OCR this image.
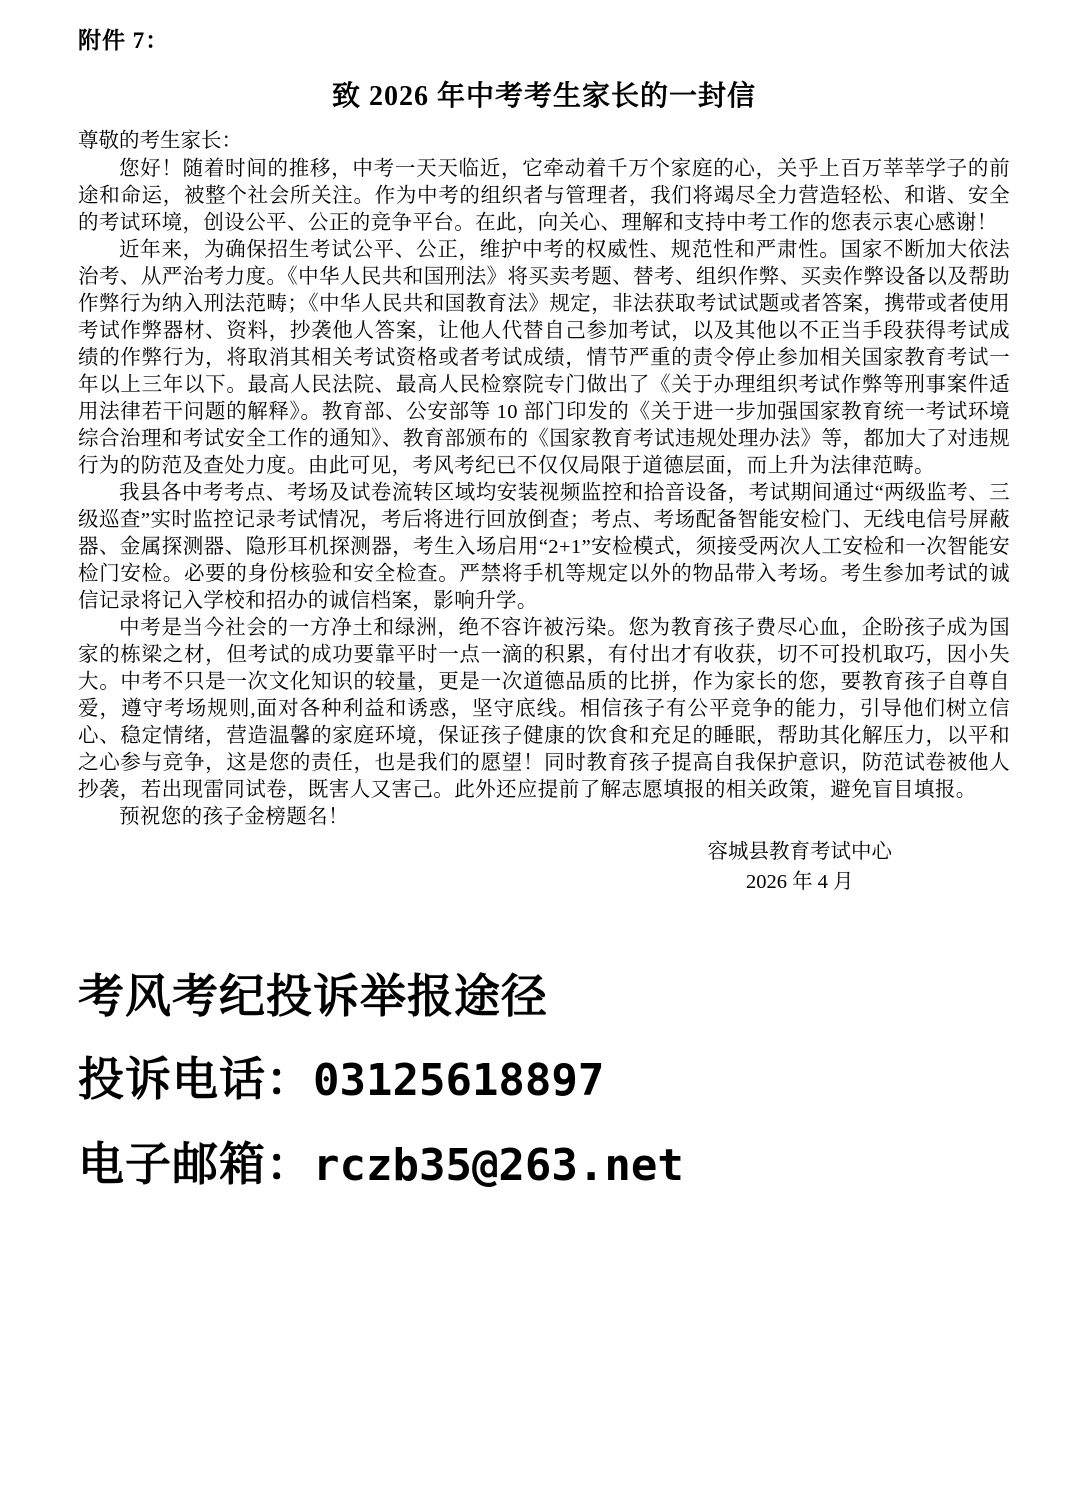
附件 7：
致 2026 年中考考生家长的一封信
尊敬的考生家长：

您好！随着时间的推移，中考一天天临近，它牵动着千万个家庭的心，关乎上百万莘莘学子的前途和命运，被整个社会所关注。作为中考的组织者与管理者，我们将竭尽全力营造轻松、和谐、安全的考试环境，创设公平、公正的竞争平台。在此，向关心、理解和支持中考工作的您表示衷心感谢！

近年来，为确保招生考试公平、公正，维护中考的权威性、规范性和严肃性。国家不断加大依法治考、从严治考力度。《中华人民共和国刑法》将买卖考题、替考、组织作弊、买卖作弊设备以及帮助作弊行为纳入刑法范畴；《中华人民共和国教育法》规定，非法获取考试试题或者答案，携带或者使用考试作弊器材、资料，抄袭他人答案，让他人代替自己参加考试，以及其他以不正当手段获得考试成绩的作弊行为，将取消其相关考试资格或者考试成绩，情节严重的责令停止参加相关国家教育考试一年以上三年以下。最高人民法院、最高人民检察院专门做出了《关于办理组织考试作弊等刑事案件适用法律若干问题的解释》。教育部、公安部等 10 部门印发的《关于进一步加强国家教育统一考试环境综合治理和考试安全工作的通知》、教育部颁布的《国家教育考试违规处理办法》等，都加大了对违规行为的防范及查处力度。由此可见，考风考纪已不仅仅局限于道德层面，而上升为法律范畴。

我县各中考考点、考场及试卷流转区域均安装视频监控和拾音设备，考试期间通过“两级监考、三级巡查”实时监控记录考试情况，考后将进行回放倒查；考点、考场配备智能安检门、无线电信号屏蔽器、金属探测器、隐形耳机探测器，考生入场启用“2+1”安检模式，须接受两次人工安检和一次智能安检门安检。必要的身份核验和安全检查。严禁将手机等规定以外的物品带入考场。考生参加考试的诚信记录将记入学校和招办的诚信档案，影响升学。

中考是当今社会的一方净土和绿洲，绝不容许被污染。您为教育孩子费尽心血，企盼孩子成为国家的栋梁之材，但考试的成功要靠平时一点一滴的积累，有付出才有收获，切不可投机取巧，因小失大。中考不只是一次文化知识的较量，更是一次道德品质的比拼，作为家长的您，要教育孩子自尊自爱，遵守考场规则,面对各种利益和诱惑，坚守底线。相信孩子有公平竞争的能力，引导他们树立信心、稳定情绪，营造温馨的家庭环境，保证孩子健康的饮食和充足的睡眠，帮助其化解压力，以平和之心参与竞争，这是您的责任，也是我们的愿望！同时教育孩子提高自我保护意识，防范试卷被他人抄袭，若出现雷同试卷，既害人又害己。此外还应提前了解志愿填报的相关政策，避免盲目填报。

预祝您的孩子金榜题名！

容城县教育考试中心
2026 年 4 月
考风考纪投诉举报途径
投诉电话：03125618897
电子邮箱：rczb35@263.net
